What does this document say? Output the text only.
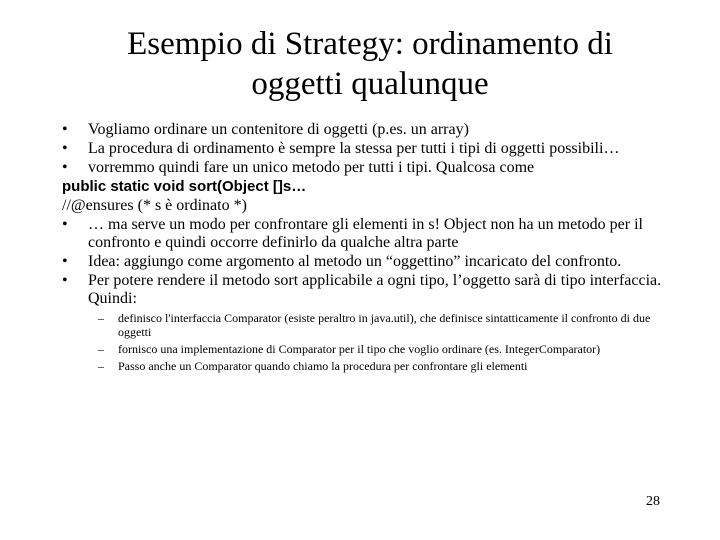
Esempio di Strategy: ordinamento di
oggetti qualunque
•	Vogliamo ordinare un contenitore di oggetti (p.es. un array)
•	La procedura di ordinamento è sempre la stessa per tutti i tipi di oggetti possibili…
•	vorremmo quindi fare un unico metodo per tutti i tipi. Qualcosa come
public static void sort(Object []s…
//@ensures (* s è ordinato *)
•	… ma serve un modo per confrontare gli elementi in s! Object non ha un metodo per il confronto e quindi occorre definirlo da qualche altra parte
•	Idea: aggiungo come argomento al metodo un “oggettino” incaricato del confronto.
•	Per potere rendere il metodo sort applicabile a ogni tipo, l’oggetto sarà di tipo interfaccia. Quindi:
– definisco l'interfaccia Comparator (esiste peraltro in java.util), che definisce sintatticamente il confronto di due oggetti
– fornisco una implementazione di Comparator per il tipo che voglio ordinare (es. IntegerComparator)
– Passo anche un Comparator quando chiamo la procedura per confrontare gli elementi
28
